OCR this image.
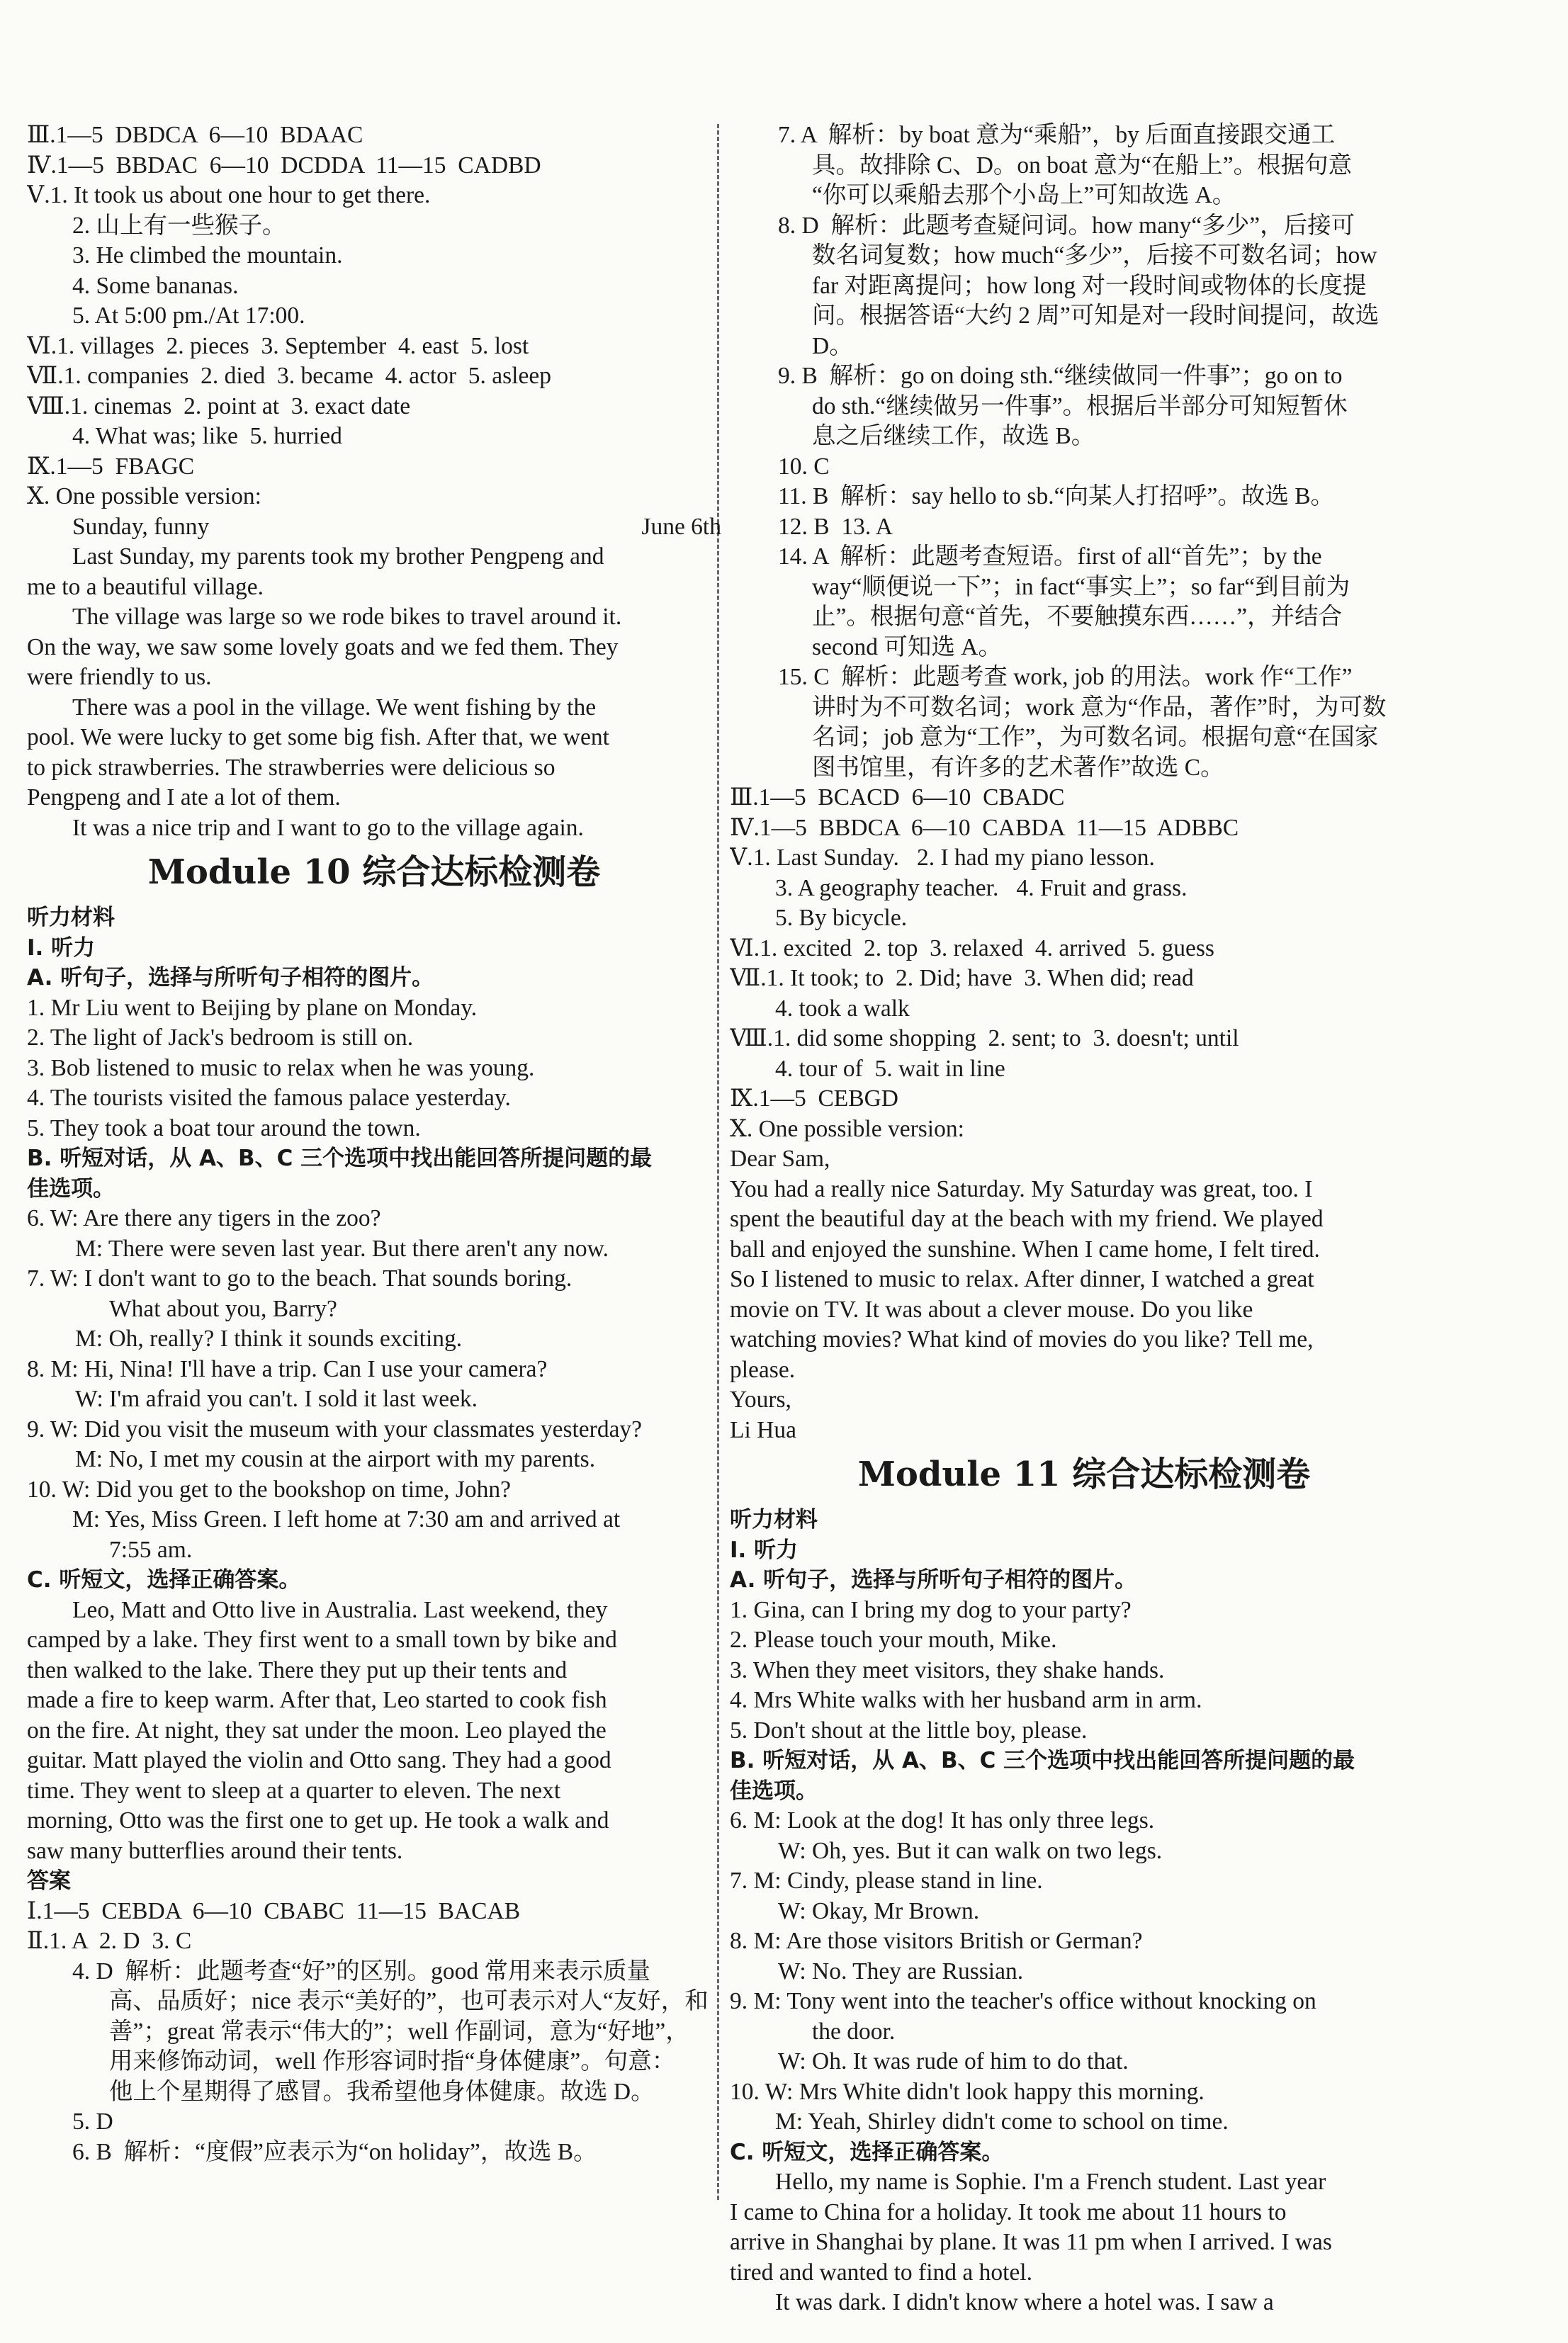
Ⅲ.1—5  DBDCA  6—10  BDAAC
Ⅳ.1—5  BBDAC  6—10  DCDDA  11—15  CADBD
Ⅴ.1. It took us about one hour to get there.
2. 山上有一些猴子。
3. He climbed the mountain.
4. Some bananas.
5. At 5:00 pm./At 17:00.
Ⅵ.1. villages  2. pieces  3. September  4. east  5. lost
Ⅶ.1. companies  2. died  3. became  4. actor  5. asleep
Ⅷ.1. cinemas  2. point at  3. exact date
4. What was; like  5. hurried
Ⅸ.1—5  FBAGC
Ⅹ. One possible version:
Sunday, funny	June 6th
Last Sunday, my parents took my brother Pengpeng and
me to a beautiful village.
The village was large so we rode bikes to travel around it.
On the way, we saw some lovely goats and we fed them. They
were friendly to us.
There was a pool in the village. We went fishing by the
pool. We were lucky to get some big fish. After that, we went
to pick strawberries. The strawberries were delicious so
Pengpeng and I ate a lot of them.
It was a nice trip and I want to go to the village again.
Module 10 综合达标检测卷
听力材料
Ⅰ. 听力
A. 听句子，选择与所听句子相符的图片。
1. Mr Liu went to Beijing by plane on Monday.
2. The light of Jack's bedroom is still on.
3. Bob listened to music to relax when he was young.
4. The tourists visited the famous palace yesterday.
5. They took a boat tour around the town.
B. 听短对话，从 A、B、C 三个选项中找出能回答所提问题的最
佳选项。
6. W: Are there any tigers in the zoo?
M: There were seven last year. But there aren't any now.
7. W: I don't want to go to the beach. That sounds boring.
What about you, Barry?
M: Oh, really? I think it sounds exciting.
8. M: Hi, Nina! I'll have a trip. Can I use your camera?
W: I'm afraid you can't. I sold it last week.
9. W: Did you visit the museum with your classmates yesterday?
M: No, I met my cousin at the airport with my parents.
10. W: Did you get to the bookshop on time, John?
M: Yes, Miss Green. I left home at 7:30 am and arrived at
7:55 am.
C. 听短文，选择正确答案。
Leo, Matt and Otto live in Australia. Last weekend, they
camped by a lake. They first went to a small town by bike and
then walked to the lake. There they put up their tents and
made a fire to keep warm. After that, Leo started to cook fish
on the fire. At night, they sat under the moon. Leo played the
guitar. Matt played the violin and Otto sang. They had a good
time. They went to sleep at a quarter to eleven. The next
morning, Otto was the first one to get up. He took a walk and
saw many butterflies around their tents.
答案
Ⅰ.1—5  CEBDA  6—10  CBABC  11—15  BACAB
Ⅱ.1. A  2. D  3. C
4. D  解析：此题考查“好”的区别。good 常用来表示质量
高、品质好；nice 表示“美好的”，也可表示对人“友好，和
善”；great 常表示“伟大的”；well 作副词，意为“好地”，
用来修饰动词，well 作形容词时指“身体健康”。句意：
他上个星期得了感冒。我希望他身体健康。故选 D。
5. D
6. B  解析：“度假”应表示为“on holiday”，故选 B。
7. A  解析：by boat 意为“乘船”，by 后面直接跟交通工
具。故排除 C、D。on boat 意为“在船上”。根据句意
“你可以乘船去那个小岛上”可知故选 A。
8. D  解析：此题考查疑问词。how many“多少”，后接可
数名词复数；how much“多少”，后接不可数名词；how
far 对距离提问；how long 对一段时间或物体的长度提
问。根据答语“大约 2 周”可知是对一段时间提问，故选
D。
9. B  解析：go on doing sth.“继续做同一件事”；go on to
do sth.“继续做另一件事”。根据后半部分可知短暂休
息之后继续工作，故选 B。
10. C
11. B  解析：say hello to sb.“向某人打招呼”。故选 B。
12. B  13. A
14. A  解析：此题考查短语。first of all“首先”；by the
way“顺便说一下”；in fact“事实上”；so far“到目前为
止”。根据句意“首先，不要触摸东西……”，并结合
second 可知选 A。
15. C  解析：此题考查 work, job 的用法。work 作“工作”
讲时为不可数名词；work 意为“作品，著作”时，为可数
名词；job 意为“工作”，为可数名词。根据句意“在国家
图书馆里，有许多的艺术著作”故选 C。
Ⅲ.1—5  BCACD  6—10  CBADC
Ⅳ.1—5  BBDCA  6—10  CABDA  11—15  ADBBC
Ⅴ.1. Last Sunday.   2. I had my piano lesson.
3. A geography teacher.   4. Fruit and grass.
5. By bicycle.
Ⅵ.1. excited  2. top  3. relaxed  4. arrived  5. guess
Ⅶ.1. It took; to  2. Did; have  3. When did; read
4. took a walk
Ⅷ.1. did some shopping  2. sent; to  3. doesn't; until
4. tour of  5. wait in line
Ⅸ.1—5  CEBGD
Ⅹ. One possible version:
Dear Sam,
You had a really nice Saturday. My Saturday was great, too. I
spent the beautiful day at the beach with my friend. We played
ball and enjoyed the sunshine. When I came home, I felt tired.
So I listened to music to relax. After dinner, I watched a great
movie on TV. It was about a clever mouse. Do you like
watching movies? What kind of movies do you like? Tell me,
please.
Yours,
Li Hua
Module 11 综合达标检测卷
听力材料
Ⅰ. 听力
A. 听句子，选择与所听句子相符的图片。
1. Gina, can I bring my dog to your party?
2. Please touch your mouth, Mike.
3. When they meet visitors, they shake hands.
4. Mrs White walks with her husband arm in arm.
5. Don't shout at the little boy, please.
B. 听短对话，从 A、B、C 三个选项中找出能回答所提问题的最
佳选项。
6. M: Look at the dog! It has only three legs.
W: Oh, yes. But it can walk on two legs.
7. M: Cindy, please stand in line.
W: Okay, Mr Brown.
8. M: Are those visitors British or German?
W: No. They are Russian.
9. M: Tony went into the teacher's office without knocking on
the door.
W: Oh. It was rude of him to do that.
10. W: Mrs White didn't look happy this morning.
M: Yeah, Shirley didn't come to school on time.
C. 听短文，选择正确答案。
Hello, my name is Sophie. I'm a French student. Last year
I came to China for a holiday. It took me about 11 hours to
arrive in Shanghai by plane. It was 11 pm when I arrived. I was
tired and wanted to find a hotel.
It was dark. I didn't know where a hotel was. I saw a
